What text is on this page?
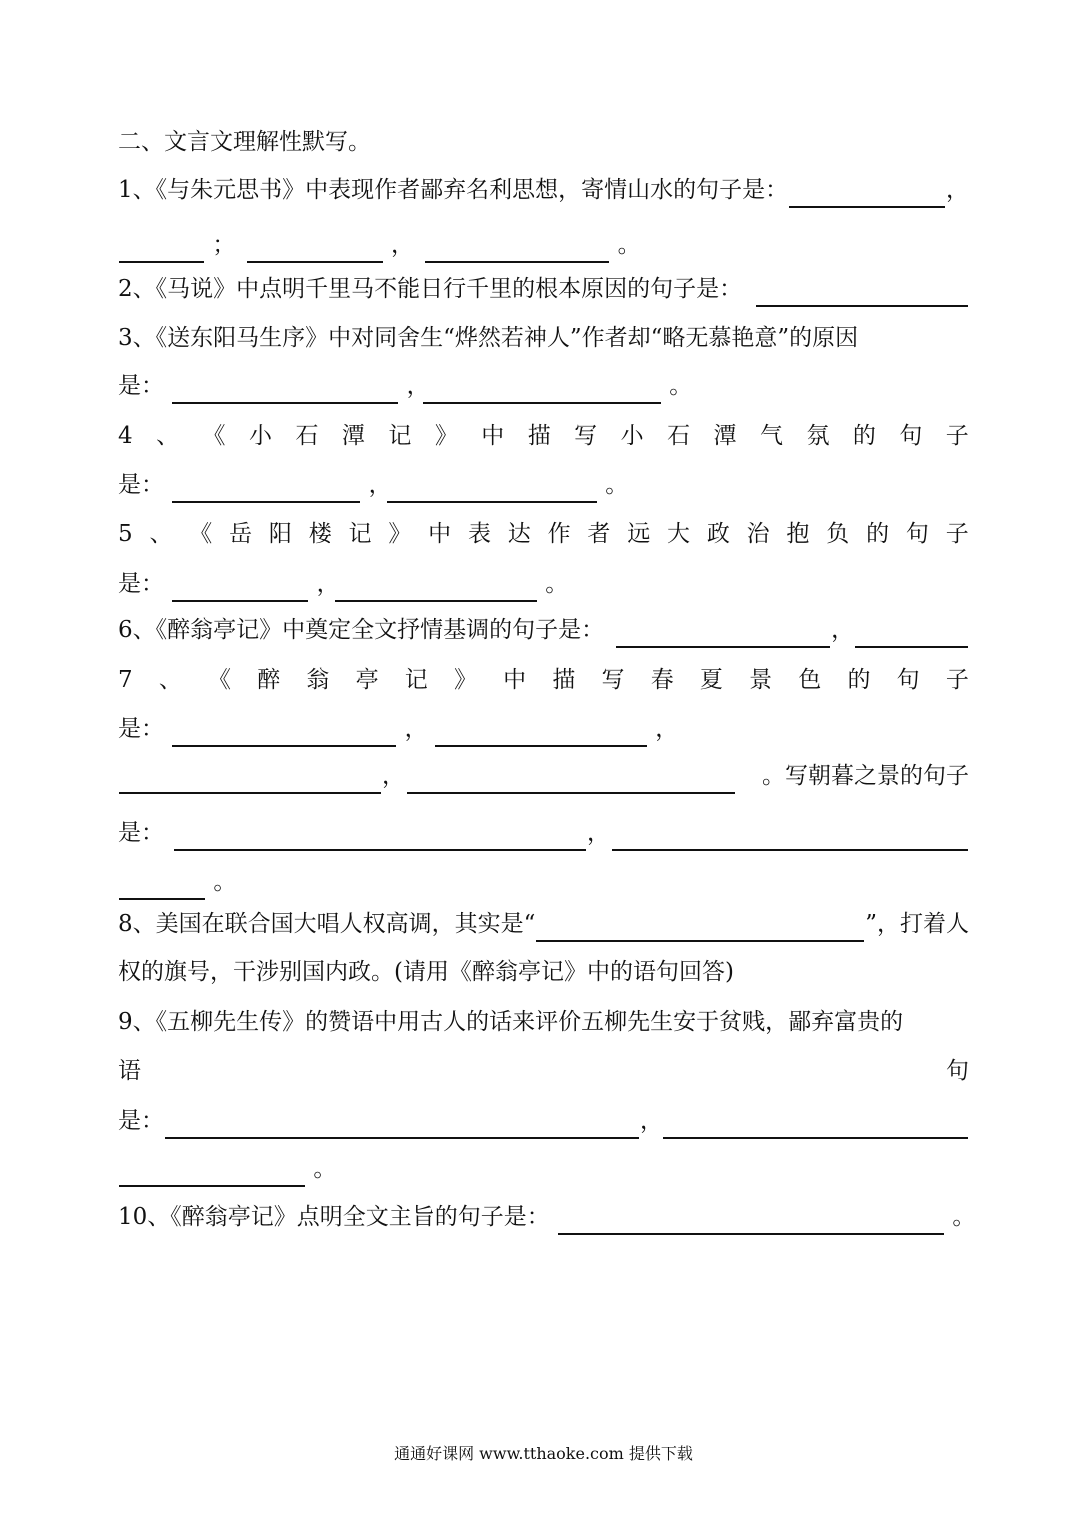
二、文言文理解性默写。
1、《与朱元思书》中表现作者鄙弃名利思想，寄情山水的句子是：	，
；	，	。
2、《马说》中点明千里马不能日行千里的根本原因的句子是：
3、《送东阳马生序》中对同舍生“烨然若神人”作者却“略无慕艳意”的原因
是：	，	。
4 、 《 小 石 潭 记 》 中 描 写 小 石 潭 气 氛 的 句 子
是：	，	。
5 、 《 岳 阳 楼 记 》 中 表 达 作 者 远 大 政 治 抱 负 的 句 子
是：	，	。
6、《醉翁亭记》中奠定全文抒情基调的句子是：	，
7 、 《 醉 翁 亭 记 》 中 描 写 春 夏 景 色 的 句 子
是：	，	，
，	。写朝暮之景的句子
是：	，
。
8、美国在联合国大唱人权高调，其实是“	”，打着人
权的旗号，干涉别国内政。(请用《醉翁亭记》中的语句回答)
9、《五柳先生传》的赞语中用古人的话来评价五柳先生安于贫贱，鄙弃富贵的
语	句
是：	，
。
10、《醉翁亭记》点明全文主旨的句子是：	。
通通好课网 www.tthaoke.com 提供下载
